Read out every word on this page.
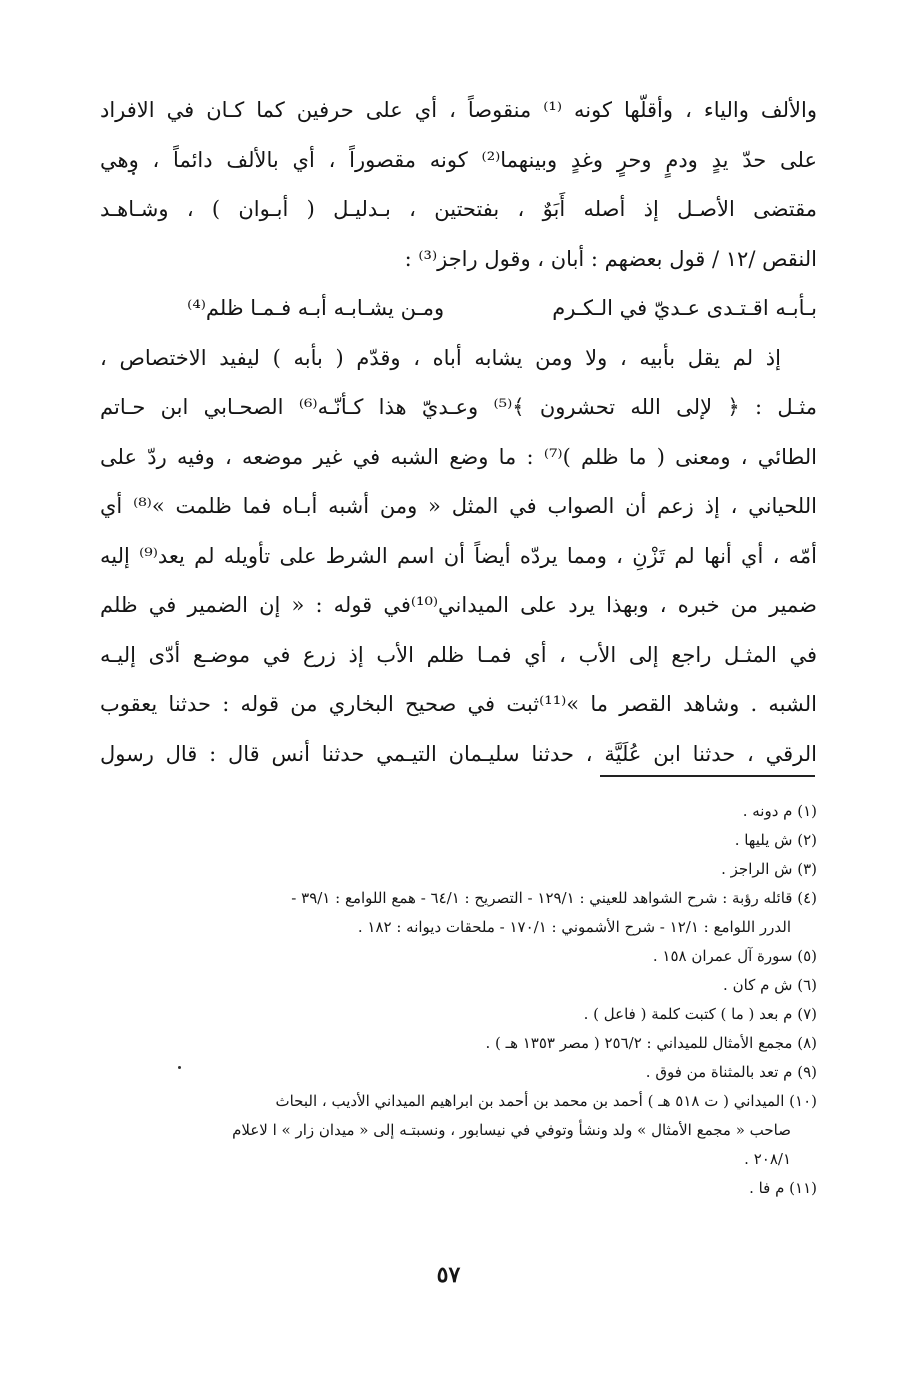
والألف والياء ، وأقلّها كونه ⁽¹⁾ منقوصاً ، أي على حرفين كما كـان في الافراد
على حدّ يدٍ ودمٍ وحرٍ وغدٍ وبينهما⁽²⁾ كونه مقصوراً ، أي بالألف دائماً ، وهي
مقتضى الأصـل إذ أصله أَبَوٌ ، بفتحتين ، بـدليـل ( أبـوان ) ، وشـاهـد
النقص /١٢ / قول بعضهم : أبان ، وقول راجز⁽³⁾ :
بـأبـه اقـتـدى عـديّ في الـكـرم
ومـن يشـابـه أبـه فـمـا ظلم⁽⁴⁾
إذ لم يقل بأبيه ، ولا ومن يشابه أباه ، وقدّم ( بأبه ) ليفيد الاختصاص ،
مثـل : ﴿ لإلى الله تحشرون ﴾⁽⁵⁾ وعـديّ هذا كـأنّـه⁽⁶⁾ الصحـابي ابن حـاتم
الطائي ، ومعنى ( ما ظلم )⁽⁷⁾ : ما وضع الشبه في غير موضعه ، وفيه ردّ على
اللحياني ، إذ زعم أن الصواب في المثل « ومن أشبه أبـاه فما ظلمت »⁽⁸⁾ أي
أمّه ، أي أنها لم تَزْنِ ، ومما يردّه أيضاً أن اسم الشرط على تأويله لم يعد⁽⁹⁾ إليه
ضمير من خبره ، وبهذا يرد على الميداني⁽¹⁰⁾في قوله : « إن الضمير في ظلم
في المثـل راجع إلى الأب ، أي فمـا ظلم الأب إذ زرع في موضـع أدّى إليـه
الشبه . وشاهد القصر ما »⁽¹¹⁾ثبت في صحيح البخاري من قوله : حدثنا يعقوب
الرقي ، حدثنا ابن عُلَيَّة ، حدثنا سليـمان التيـمي حدثنا أنس قال : قال رسول
(١) م دونه .
(٢) ش يليها .
(٣) ش الراجز .
(٤) قائله رؤبة : شرح الشواهد للعيني : ١٢٩/١ - التصريح : ٦٤/١ - همع اللوامع : ٣٩/١ -
الدرر اللوامع : ١٢/١ - شرح الأشموني : ١٧٠/١ - ملحقات ديوانه : ١٨٢ .
(٥) سورة آل عمران ١٥٨ .
(٦) ش م كان .
(٧) م بعد ( ما ) كتبت كلمة ( فاعل ) .
(٨) مجمع الأمثال للميداني : ٢٥٦/٢ ( مصر ١٣٥٣ هـ ) .
(٩) م تعد بالمثناة من فوق .
(١٠) الميداني ( ت ٥١٨ هـ ) أحمد بن محمد بن أحمد بن ابراهيم الميداني الأديب ، البحاث
صاحب « مجمع الأمثال » ولد ونشأ وتوفي في نيسابور ، ونسبتـه إلى « ميدان زار » ا لاعلام
٢٠٨/١ .
(١١) م فا .
٥٧
